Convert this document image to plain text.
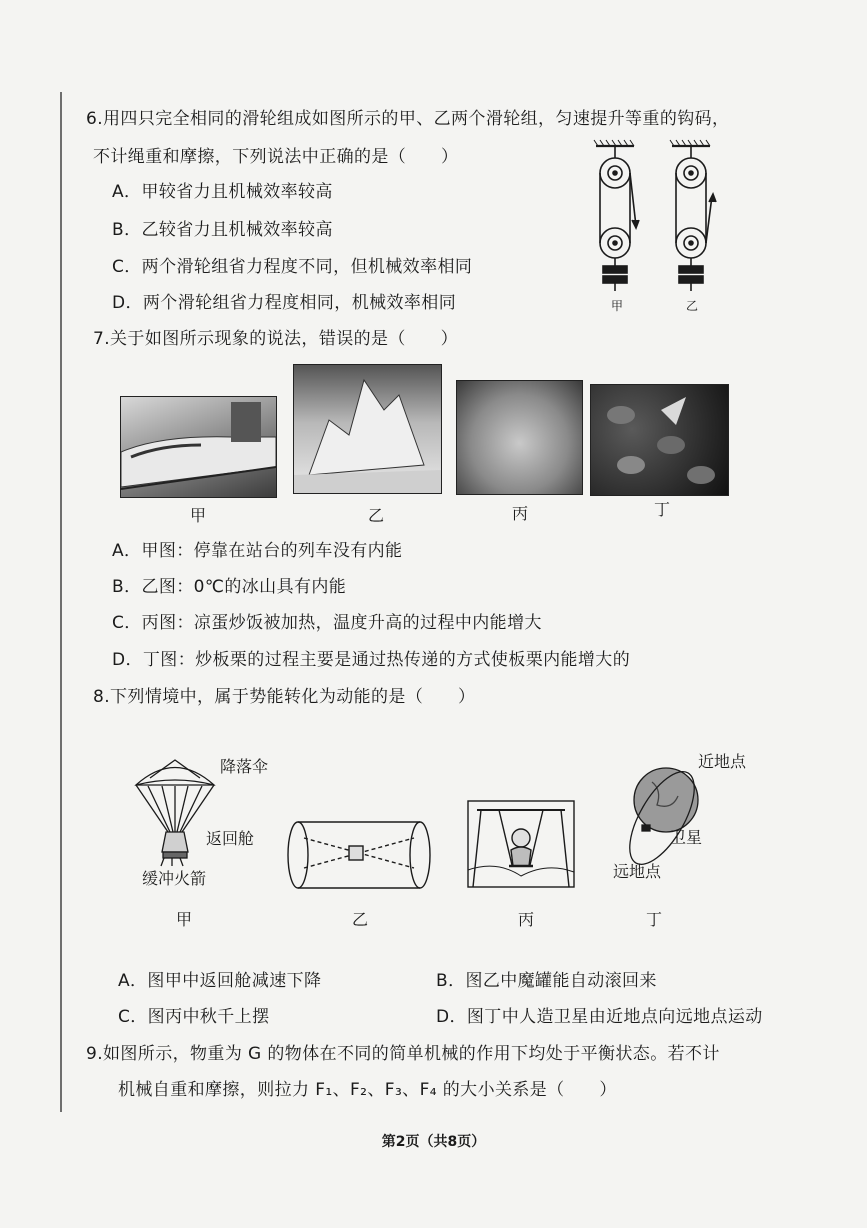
6.用四只完全相同的滑轮组成如图所示的甲、乙两个滑轮组，匀速提升等重的钩码，
不计绳重和摩擦，下列说法中正确的是（　　）
A．甲较省力且机械效率较高
B．乙较省力且机械效率较高
C．两个滑轮组省力程度不同，但机械效率相同
D．两个滑轮组省力程度相同，机械效率相同	甲	乙
7.关于如图所示现象的说法，错误的是（　　）
甲	乙	丙	丁
A．甲图：停靠在站台的列车没有内能
B．乙图：0℃的冰山具有内能
C．丙图：凉蛋炒饭被加热，温度升高的过程中内能增大
D．丁图：炒板栗的过程主要是通过热传递的方式使板栗内能增大的
8.下列情境中，属于势能转化为动能的是（　　）
降落伞
返回舱
缓冲火箭
近地点
卫星
远地点
甲	乙	丙	丁
A．图甲中返回舱减速下降	B．图乙中魔罐能自动滚回来
C．图丙中秋千上摆	D．图丁中人造卫星由近地点向远地点运动
9.如图所示，物重为 G 的物体在不同的简单机械的作用下均处于平衡状态。若不计
机械自重和摩擦，则拉力 F₁、F₂、F₃、F₄ 的大小关系是（　　）
第2页（共8页）
